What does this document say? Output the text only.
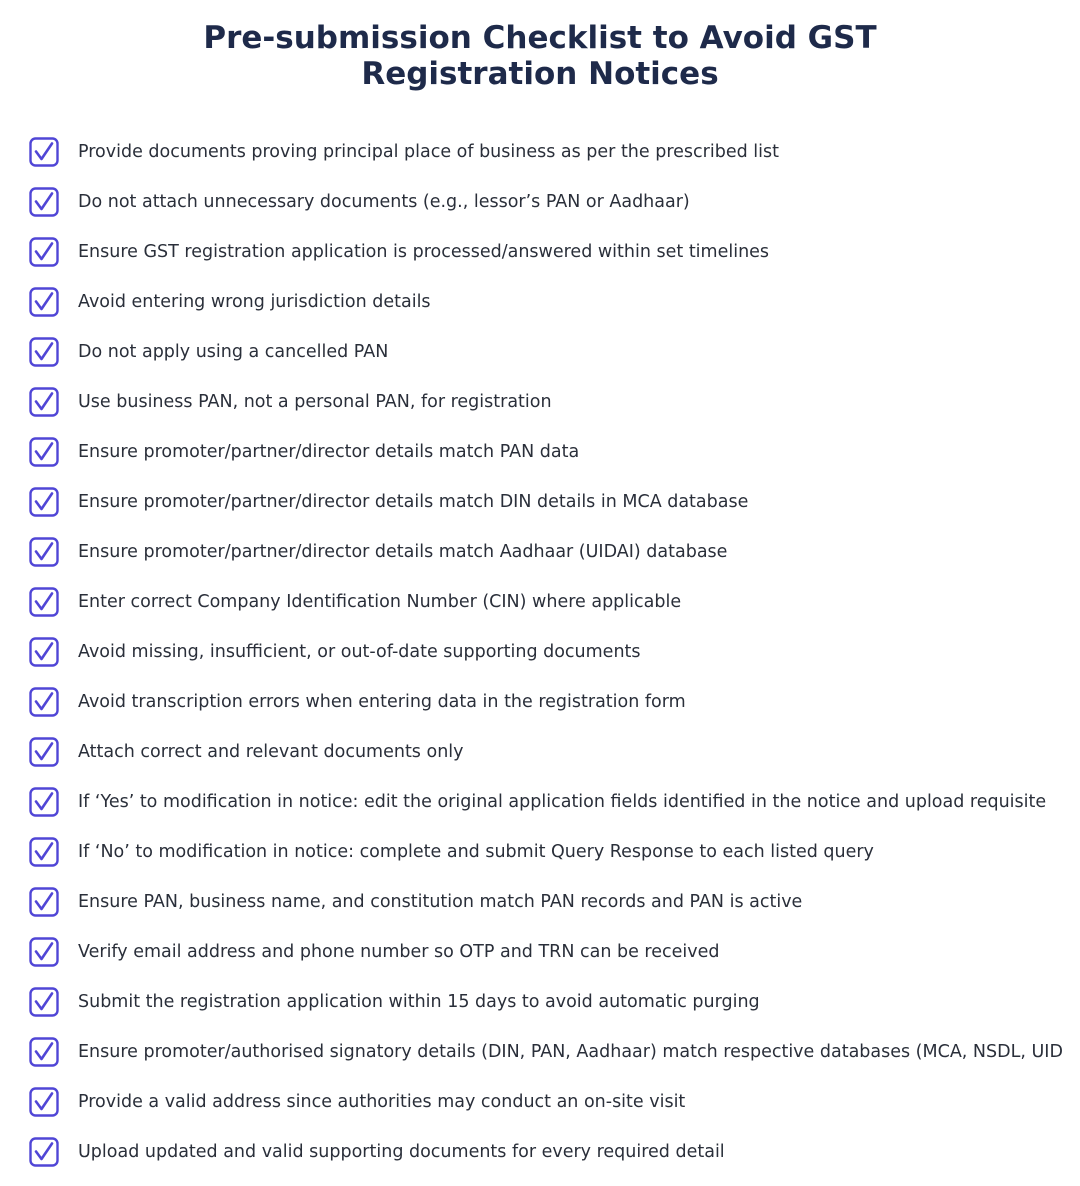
Pre-submission Checklist to Avoid GST
Registration Notices
Provide documents proving principal place of business as per the prescribed list
Do not attach unnecessary documents (e.g., lessor’s PAN or Aadhaar)
Ensure GST registration application is processed/answered within set timelines
Avoid entering wrong jurisdiction details
Do not apply using a cancelled PAN
Use business PAN, not a personal PAN, for registration
Ensure promoter/partner/director details match PAN data
Ensure promoter/partner/director details match DIN details in MCA database
Ensure promoter/partner/director details match Aadhaar (UIDAI) database
Enter correct Company Identification Number (CIN) where applicable
Avoid missing, insufficient, or out-of-date supporting documents
Avoid transcription errors when entering data in the registration form
Attach correct and relevant documents only
If ‘Yes’ to modification in notice: edit the original application fields identified in the notice and upload requisite
If ‘No’ to modification in notice: complete and submit Query Response to each listed query
Ensure PAN, business name, and constitution match PAN records and PAN is active
Verify email address and phone number so OTP and TRN can be received
Submit the registration application within 15 days to avoid automatic purging
Ensure promoter/authorised signatory details (DIN, PAN, Aadhaar) match respective databases (MCA, NSDL, UID
Provide a valid address since authorities may conduct an on-site visit
Upload updated and valid supporting documents for every required detail
